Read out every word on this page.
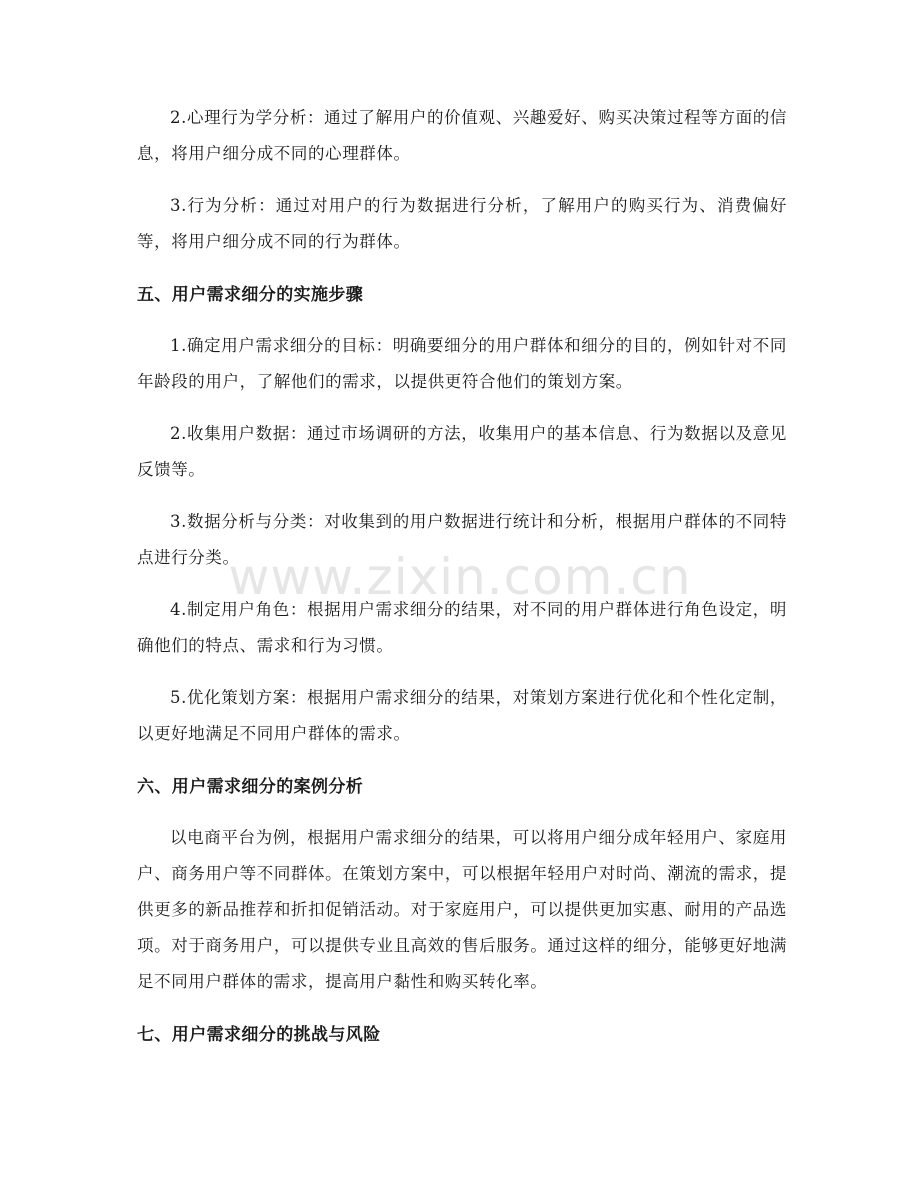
2.心理行为学分析：通过了解用户的价值观、兴趣爱好、购买决策过程等方面的信息，将用户细分成不同的心理群体。

3.行为分析：通过对用户的行为数据进行分析，了解用户的购买行为、消费偏好等，将用户细分成不同的行为群体。

五、用户需求细分的实施步骤

1.确定用户需求细分的目标：明确要细分的用户群体和细分的目的，例如针对不同年龄段的用户，了解他们的需求，以提供更符合他们的策划方案。

2.收集用户数据：通过市场调研的方法，收集用户的基本信息、行为数据以及意见反馈等。

3.数据分析与分类：对收集到的用户数据进行统计和分析，根据用户群体的不同特点进行分类。

4.制定用户角色：根据用户需求细分的结果，对不同的用户群体进行角色设定，明确他们的特点、需求和行为习惯。

5.优化策划方案：根据用户需求细分的结果，对策划方案进行优化和个性化定制，以更好地满足不同用户群体的需求。

六、用户需求细分的案例分析

以电商平台为例，根据用户需求细分的结果，可以将用户细分成年轻用户、家庭用户、商务用户等不同群体。在策划方案中，可以根据年轻用户对时尚、潮流的需求，提供更多的新品推荐和折扣促销活动。对于家庭用户，可以提供更加实惠、耐用的产品选项。对于商务用户，可以提供专业且高效的售后服务。通过这样的细分，能够更好地满足不同用户群体的需求，提高用户黏性和购买转化率。

七、用户需求细分的挑战与风险
www.zixin.com.cn
